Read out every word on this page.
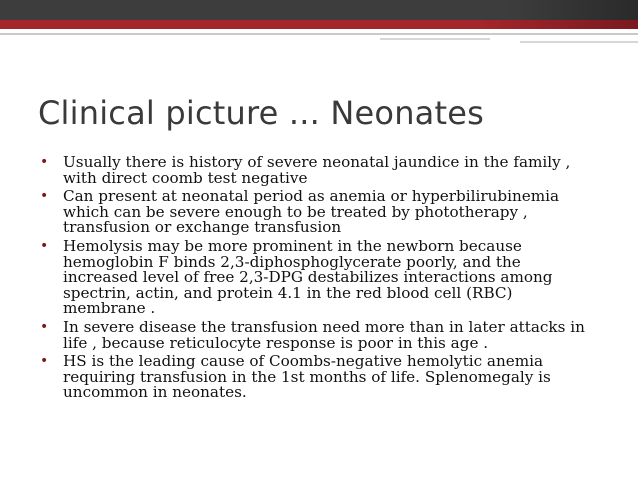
Clinical picture ... Neonates
• Usually there is history of severe neonatal jaundice in the family , with direct coomb test negative
• Can present at neonatal period as anemia or hyperbilirubinemia which can be severe enough to be treated by phototherapy , transfusion or exchange transfusion
• Hemolysis may be more prominent in the newborn because hemoglobin F binds 2,3-diphosphoglycerate poorly, and the increased level of free 2,3-DPG destabilizes interactions among spectrin, actin, and protein 4.1 in the red blood cell (RBC) membrane .
• In severe disease the transfusion need more than in later attacks in life , because reticulocyte response is poor in this age .
• HS is the leading cause of Coombs-negative hemolytic anemia requiring transfusion in the 1st months of life. Splenomegaly is uncommon in neonates.
